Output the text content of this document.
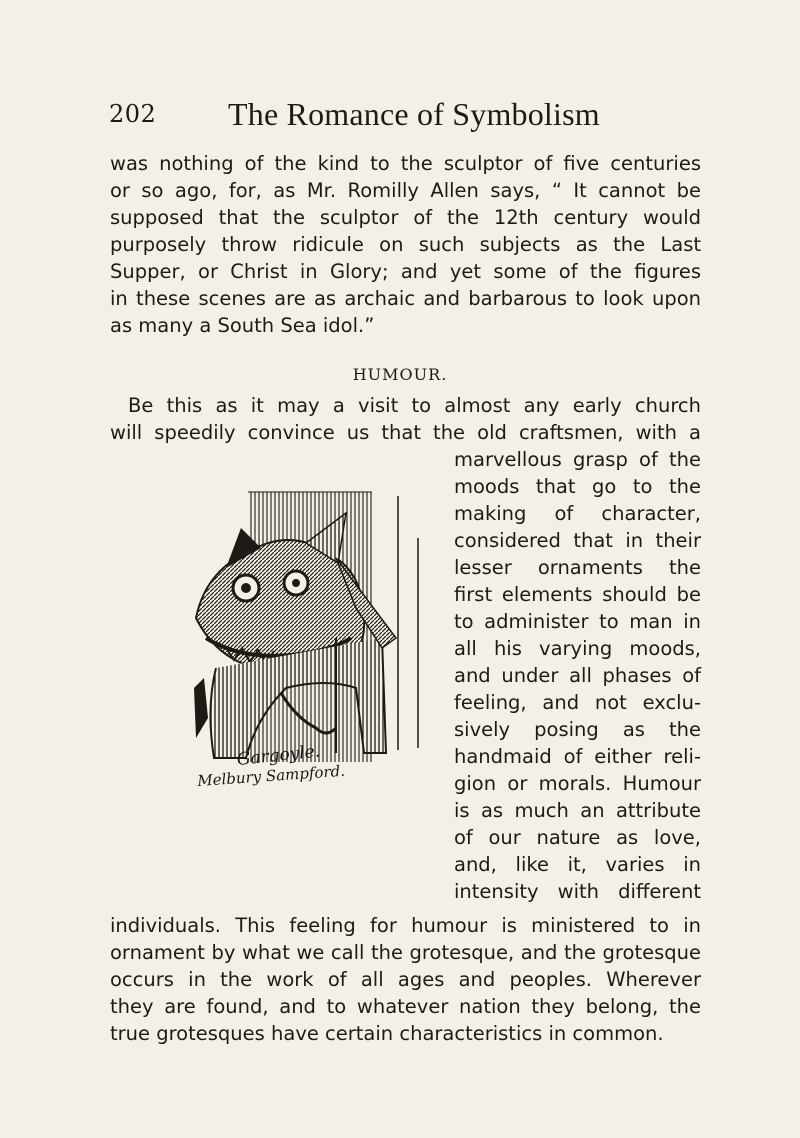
202 The Romance of Symbolism
was nothing of the kind to the sculptor of five centuries
or so ago, for, as Mr. Romilly Allen says, “ It cannot be
supposed that the sculptor of the 12th century would
purposely throw ridicule on such subjects as the Last
Supper, or Christ in Glory; and yet some of the figures
in these scenes are as archaic and barbarous to look upon
as many a South Sea idol.”
HUMOUR.
Be this as it may a visit to almost any early church
will speedily convince us that the old craftsmen, with a
marvellous grasp of the
moods that go to the
making of character,
considered that in their
lesser ornaments the
first elements should be
to administer to man in
all his varying moods,
and under all phases of
feeling, and not exclu-
sively posing as the
handmaid of either reli-
gion or morals. Humour
is as much an attribute
of our nature as love,
and, like it, varies in
intensity with different
individuals. This feeling for humour is ministered to in
ornament by what we call the grotesque, and the grotesque
occurs in the work of all ages and peoples. Wherever
they are found, and to whatever nation they belong, the
true grotesques have certain characteristics in common.
Gargoyle.
Melbury Sampford.
